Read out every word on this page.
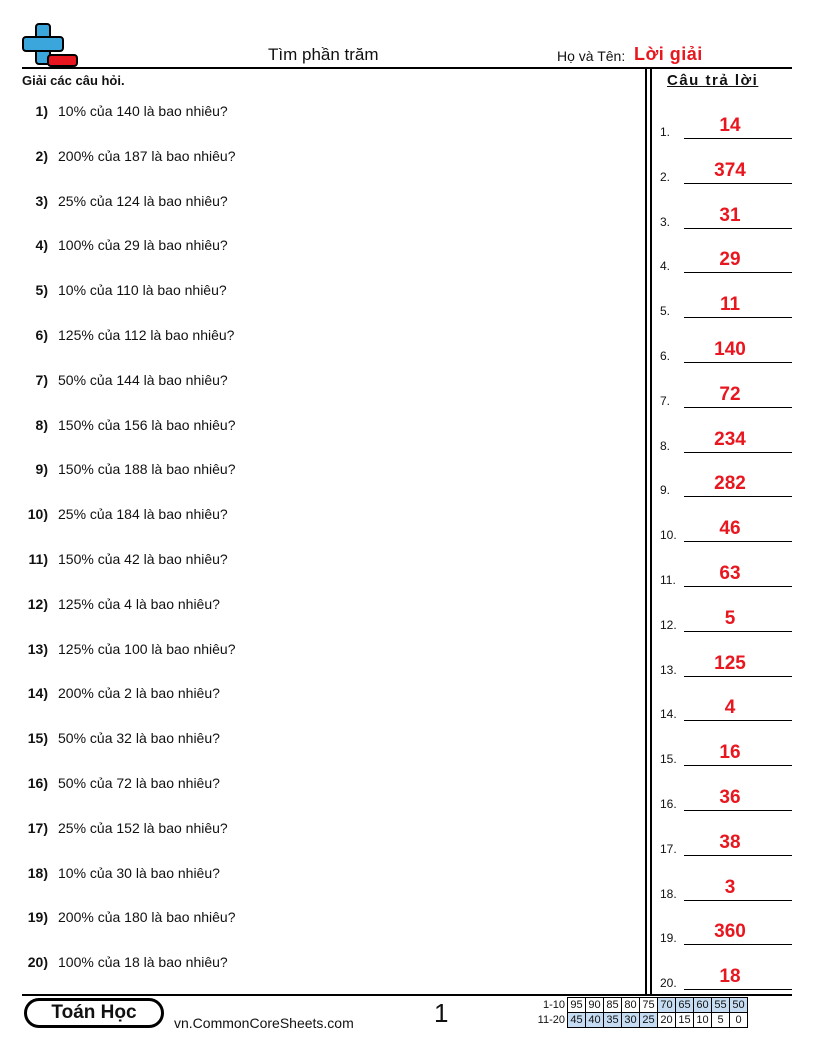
Tìm phần trăm	Họ và Tên: Lời giải
Giải các câu hỏi.	Câu trả lời
1) 10% của 140 là bao nhiêu?
2) 200% của 187 là bao nhiêu?
3) 25% của 124 là bao nhiêu?
4) 100% của 29 là bao nhiêu?
5) 10% của 110 là bao nhiêu?
6) 125% của 112 là bao nhiêu?
7) 50% của 144 là bao nhiêu?
8) 150% của 156 là bao nhiêu?
9) 150% của 188 là bao nhiêu?
10) 25% của 184 là bao nhiêu?
11) 150% của 42 là bao nhiêu?
12) 125% của 4 là bao nhiêu?
13) 125% của 100 là bao nhiêu?
14) 200% của 2 là bao nhiêu?
15) 50% của 32 là bao nhiêu?
16) 50% của 72 là bao nhiêu?
17) 25% của 152 là bao nhiêu?
18) 10% của 30 là bao nhiêu?
19) 200% của 180 là bao nhiêu?
20) 100% của 18 là bao nhiêu?
1.	14
2.	374
3.	31
4.	29
5.	11
6.	140
7.	72
8.	234
9.	282
10.	46
11.	63
12.	5
13.	125
14.	4
15.	16
16.	36
17.	38
18.	3
19.	360
20.	18
Toán Học	vn.CommonCoreSheets.com	1	1-10	95	90	85	80	75	70	65	60	55	50
11-20	45	40	35	30	25	20	15	10	5	0
